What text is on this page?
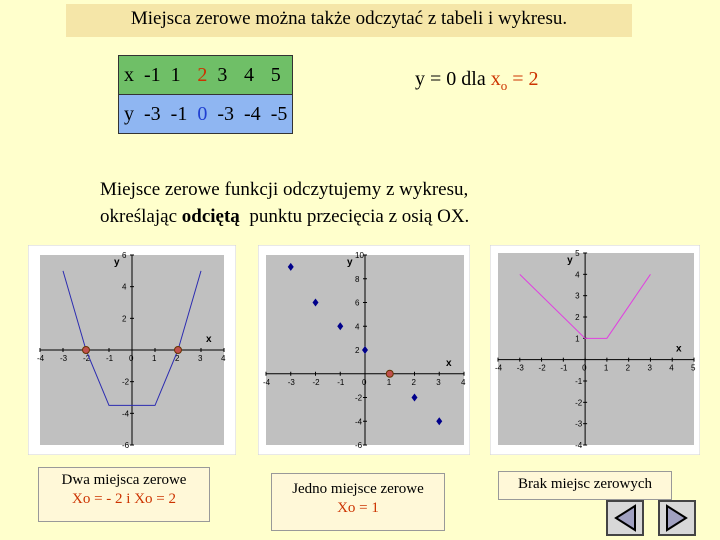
Miejsca zerowe można także odczytać z tabeli i wykresu.
x	-1	1	2	3	4	5
y	-3	-1	0	-3	-4	-5
y = 0 dla $x_o = 2$
Miejsce zerowe funkcji odczytujemy z wykresu,
określając odciętą  punktu przecięcia z osią OX.
-4 -3 -2 -1 0 1 2 3 4
6
4
2
-2
-4
-6
x
y
-4 -3 -2 -1 0	1	2	3	4
10
8
6
4
2
-2
-4
-6
x
y
-4 -3 -2 -1 0 1 2 3 4 5
5
4
3
2
1
-1
-2
-3
-4
x
y
Dwa miejsca zerowe
Xo = - 2 i Xo = 2
Jedno miejsce zerowe
Xo = 1
Brak miejsc zerowych
